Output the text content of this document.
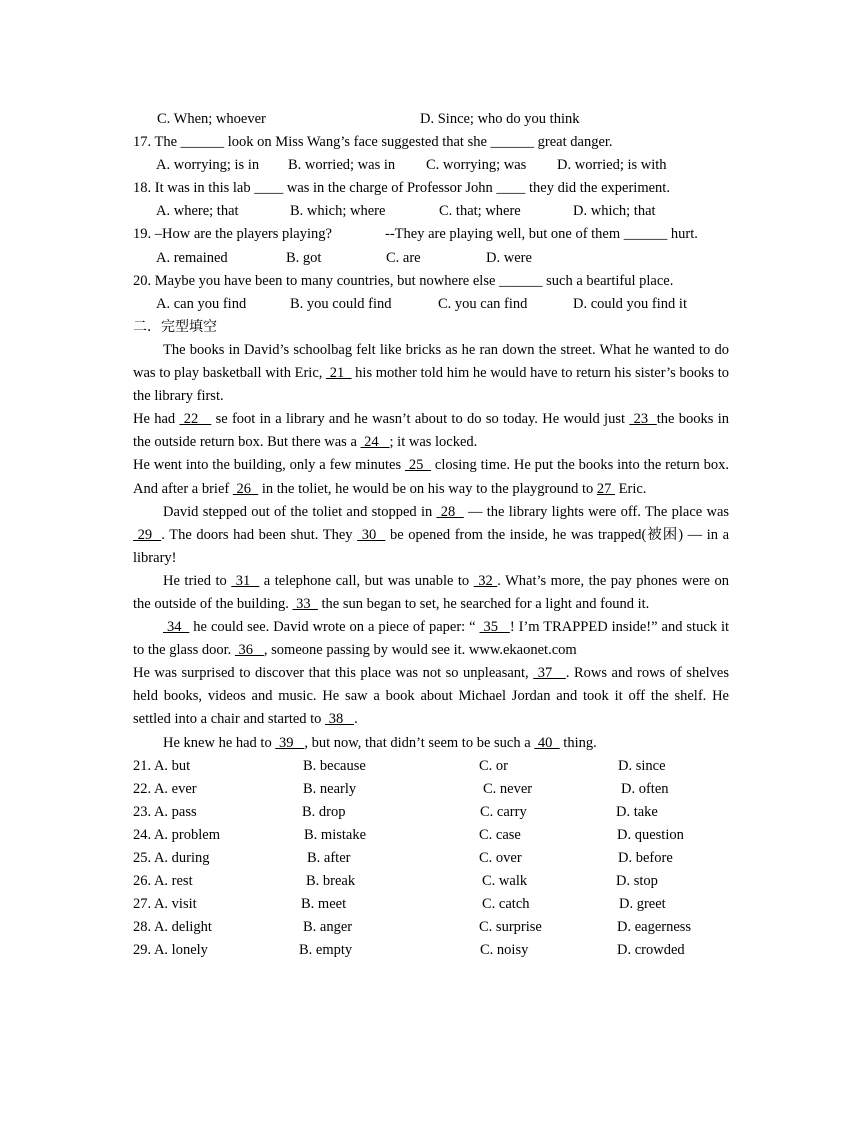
C. When; whoever	D. Since; who do you think
17. The ______ look on Miss Wang’s face suggested that she ______ great danger.
A. worrying; is in B. worried; was in C. worrying; was D. worried; is with
18. It was in this lab ____ was in the charge of Professor John ____ they did the experiment.
A. where; that	B. which; where	C. that; where	D. which; that
19. –How are the players playing?	--They are playing well, but one of them ______ hurt.
A. remained	B. got	C. are	D. were
20. Maybe you have been to many countries, but nowhere else ______ such a beartiful place.
A. can you find	B. you could find	C. you can find	D. could you find it
二．完型填空

The books in David’s schoolbag felt like bricks as he ran down the street. What he wanted to do was to play basketball with Eric,  21   his mother told him he would have to return his sister’s books to the library first.

He had  22    se foot in a library and he wasn’t about to do so today. He would just  23  the books in the outside return box. But there was a  24   ; it was locked.

He went into the building, only a few minutes  25   closing time. He put the books into the return box. And after a brief  26   in the toliet, he would be on his way to the playground to 27  Eric.

David stepped out of the toliet and stopped in  28   — the library lights were off. The place was  29  . The doors had been shut. They  30   be opened from the inside, he was trapped(被困) — in a library!

He tried to  31   a telephone call, but was unable to  32 . What’s more, the pay phones were on the outside of the building.  33   the sun began to set, he searched for a light and found it.

34   he could see. David wrote on a piece of paper: “  35   ! I’m TRAPPED inside!” and stuck it to the glass door.  36   , someone passing by would see it. www.ekaonet.com

He was surprised to discover that this place was not so unpleasant,  37   . Rows and rows of shelves held books, videos and music. He saw a book about Michael Jordan and took it off the shelf. He settled into a chair and started to  38   .

He knew he had to  39   , but now, that didn’t seem to be such a  40   thing.

21. A. but	B. because	C. or	D. since
22. A. ever	B. nearly	C. never	D. often
23. A. pass	B. drop	C. carry	D. take
24. A. problem	B. mistake	C. case	D. question
25. A. during	B. after	C. over	D. before
26. A. rest	B. break	C. walk	D. stop
27. A. visit	B. meet	C. catch	D. greet
28. A. delight	B. anger	C. surprise	D. eagerness
29. A. lonely	B. empty	C. noisy	D. crowded
